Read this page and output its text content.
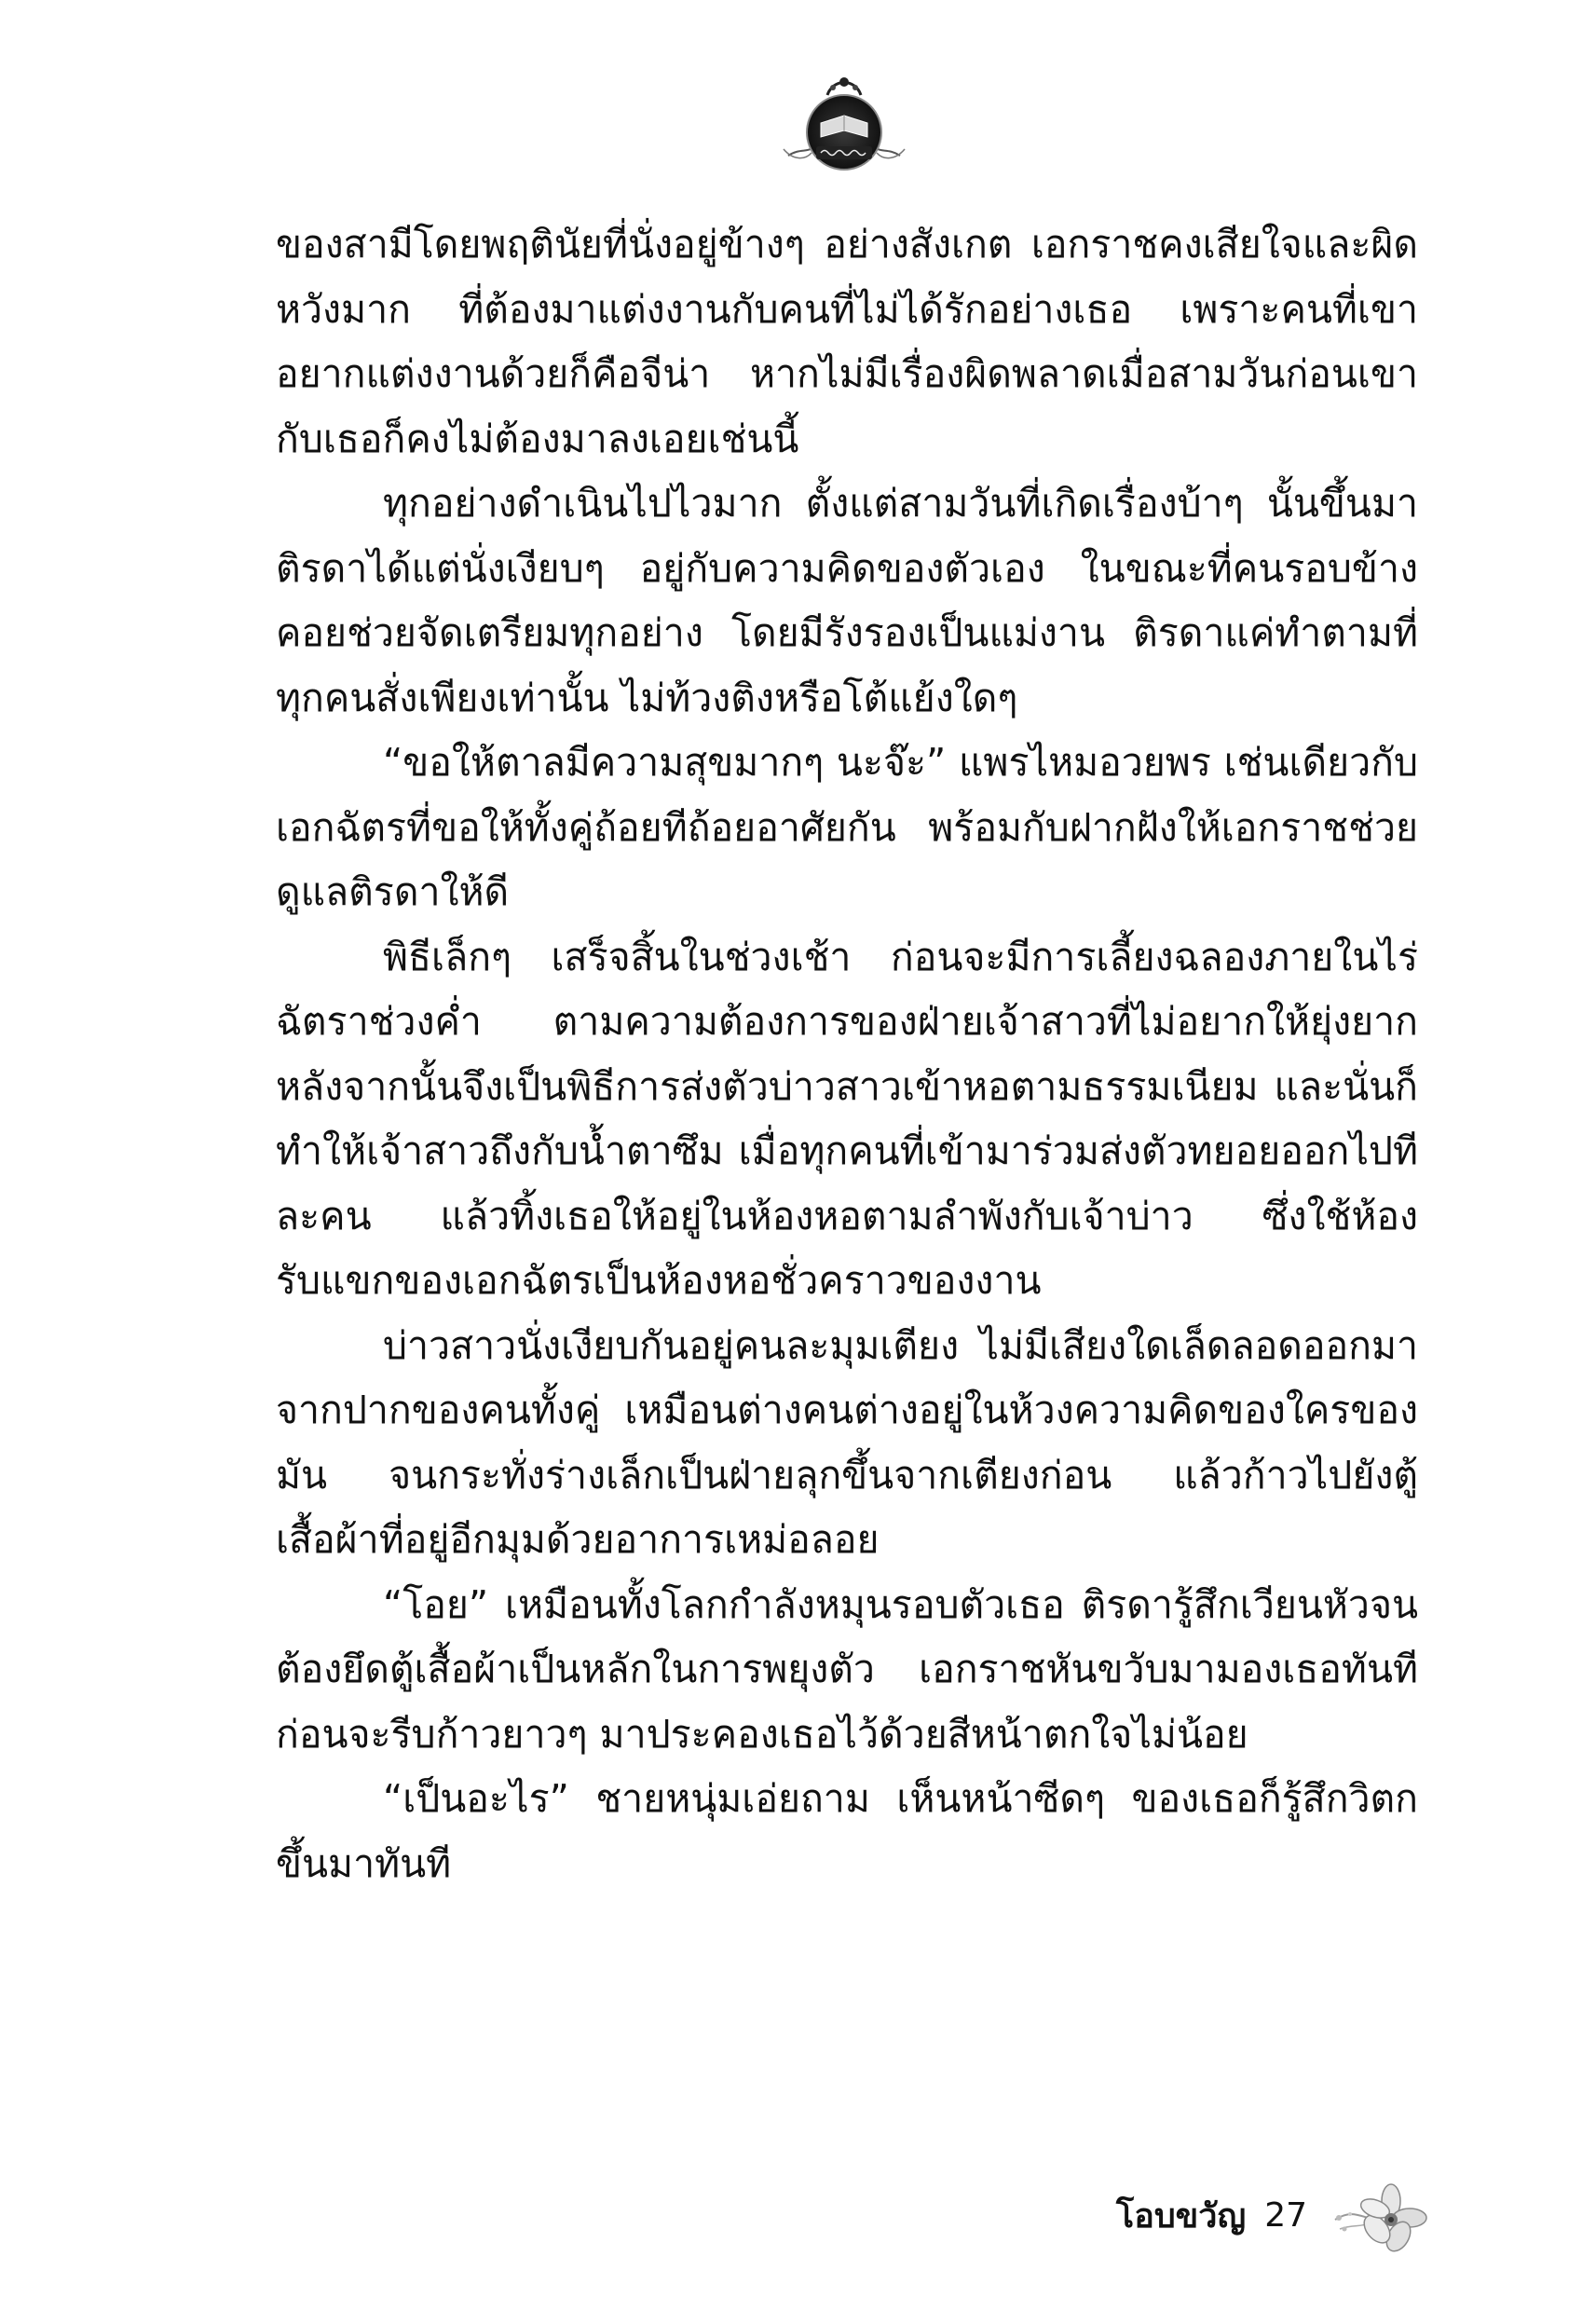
ของสามีโดยพฤตินัยที่นั่งอยู่ข้างๆ อย่างสังเกต เอกราชคงเสียใจและผิดหวังมาก ที่ต้องมาแต่งงานกับคนที่ไม่ได้รักอย่างเธอ เพราะคนที่เขาอยากแต่งงานด้วยก็คือจีน่า หากไม่มีเรื่องผิดพลาดเมื่อสามวันก่อนเขากับเธอก็คงไม่ต้องมาลงเอยเช่นนี้

ทุกอย่างดำเนินไปไวมาก ตั้งแต่สามวันที่เกิดเรื่องบ้าๆ นั้นขึ้นมาติรดาได้แต่นั่งเงียบๆ อยู่กับความคิดของตัวเอง ในขณะที่คนรอบข้างคอยช่วยจัดเตรียมทุกอย่าง โดยมีรังรองเป็นแม่งาน ติรดาแค่ทำตามที่ทุกคนสั่งเพียงเท่านั้น ไม่ท้วงติงหรือโต้แย้งใดๆ

“ขอให้ตาลมีความสุขมากๆ นะจ๊ะ” แพรไหมอวยพร เช่นเดียวกับเอกฉัตรที่ขอให้ทั้งคู่ถ้อยทีถ้อยอาศัยกัน พร้อมกับฝากฝังให้เอกราชช่วยดูแลติรดาให้ดี

พิธีเล็กๆ เสร็จสิ้นในช่วงเช้า ก่อนจะมีการเลี้ยงฉลองภายในไร่ฉัตราช่วงค่ำ ตามความต้องการของฝ่ายเจ้าสาวที่ไม่อยากให้ยุ่งยาก หลังจากนั้นจึงเป็นพิธีการส่งตัวบ่าวสาวเข้าหอตามธรรมเนียม และนั่นก็ทำให้เจ้าสาวถึงกับน้ำตาซึม เมื่อทุกคนที่เข้ามาร่วมส่งตัวทยอยออกไปทีละคน แล้วทิ้งเธอให้อยู่ในห้องหอตามลำพังกับเจ้าบ่าว ซึ่งใช้ห้องรับแขกของเอกฉัตรเป็นห้องหอชั่วคราวของงาน

บ่าวสาวนั่งเงียบกันอยู่คนละมุมเตียง ไม่มีเสียงใดเล็ดลอดออกมาจากปากของคนทั้งคู่ เหมือนต่างคนต่างอยู่ในห้วงความคิดของใครของมัน จนกระทั่งร่างเล็กเป็นฝ่ายลุกขึ้นจากเตียงก่อน แล้วก้าวไปยังตู้เสื้อผ้าที่อยู่อีกมุมด้วยอาการเหม่อลอย

“โอย” เหมือนทั้งโลกกำลังหมุนรอบตัวเธอ ติรดารู้สึกเวียนหัวจนต้องยึดตู้เสื้อผ้าเป็นหลักในการพยุงตัว เอกราชหันขวับมามองเธอทันที ก่อนจะรีบก้าวยาวๆ มาประคองเธอไว้ด้วยสีหน้าตกใจไม่น้อย

“เป็นอะไร” ชายหนุ่มเอ่ยถาม เห็นหน้าซีดๆ ของเธอก็รู้สึกวิตกขึ้นมาทันที

โอบขวัญ 27
